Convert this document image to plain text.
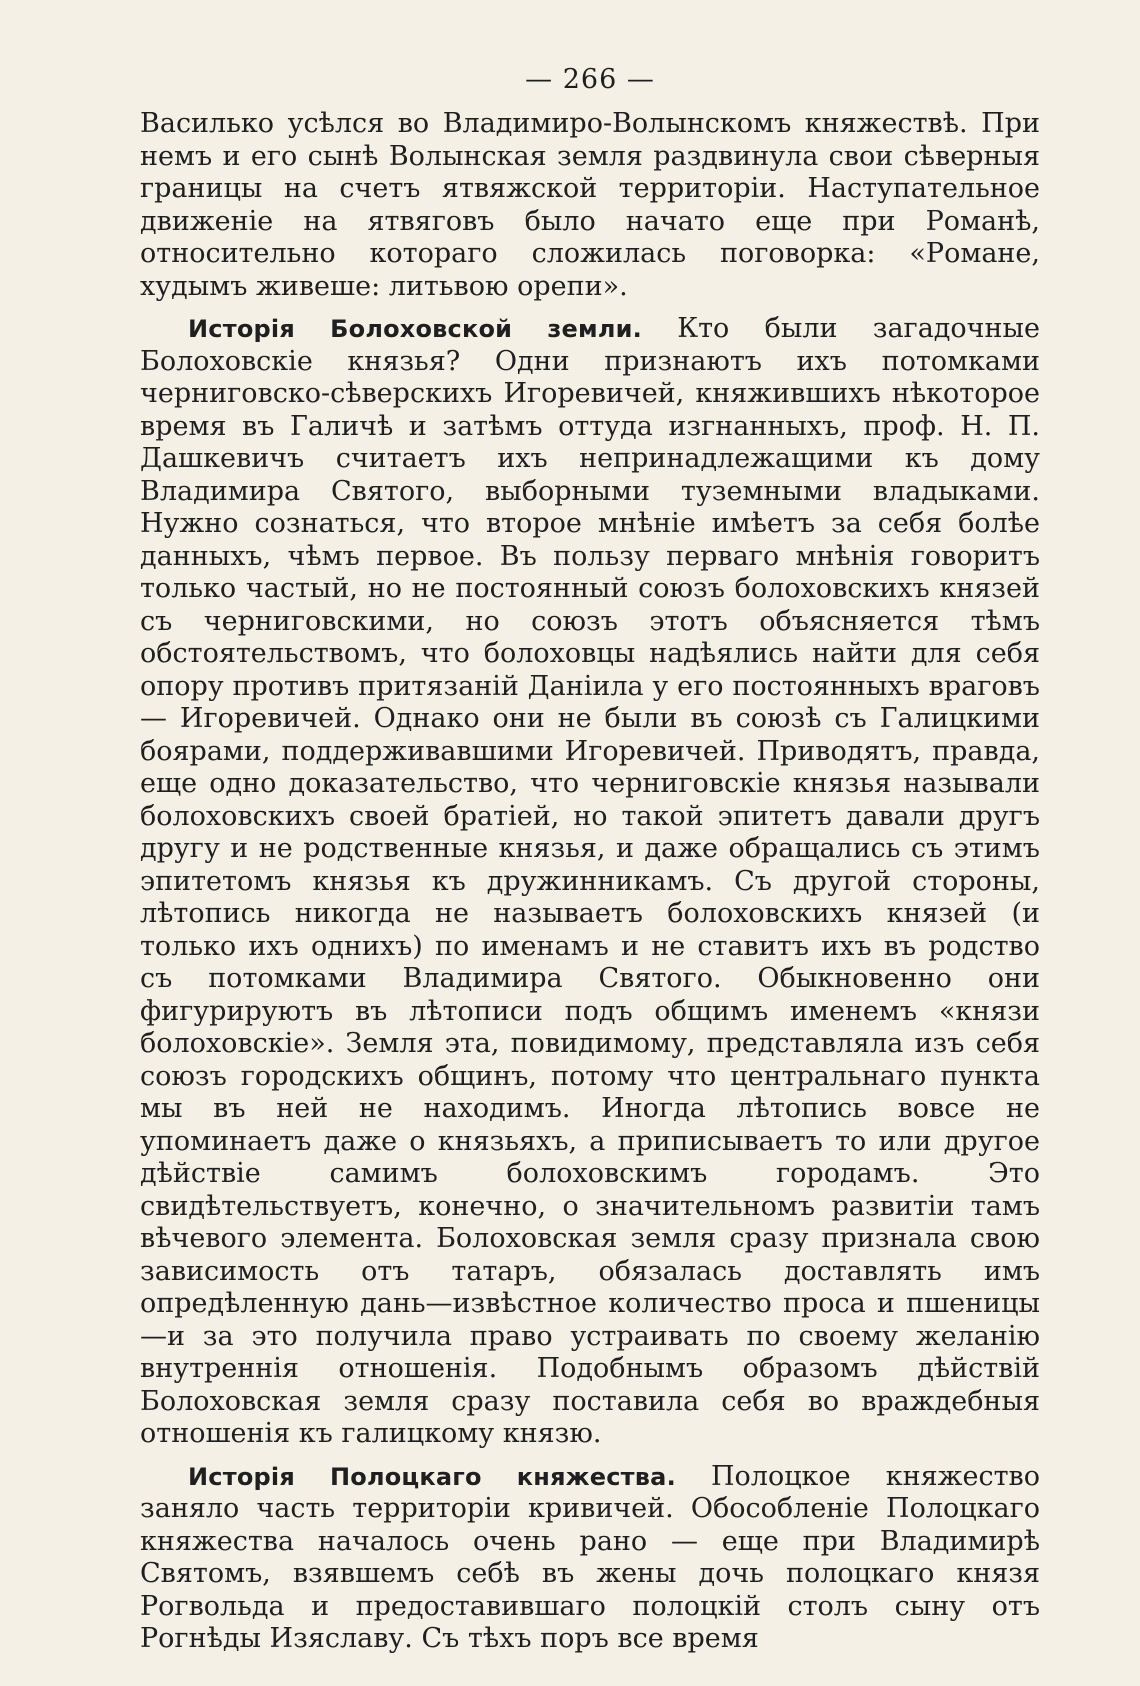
— 266 —

Василько усѣлся во Владимиро-Волынскомъ княжествѣ. При немъ и его сынѣ Волынская земля раздвинула свои сѣверныя границы на счетъ ятвяжской территоріи. Наступательное движеніе на ятвяговъ было начато еще при Романѣ, относительно котораго сложилась поговорка: «Романе, худымъ живеше: литьвою орепи».

Исторія Болоховской земли. Кто были загадочные Болоховскіе князья? Одни признаютъ ихъ потомками черниговско-сѣверскихъ Игоревичей, княжившихъ нѣкоторое время въ Галичѣ и затѣмъ оттуда изгнанныхъ, проф. Н. П. Дашкевичъ считаетъ ихъ непринадлежащими къ дому Владимира Святого, выборными туземными владыками. Нужно сознаться, что второе мнѣніе имѣетъ за себя болѣе данныхъ, чѣмъ первое. Въ пользу перваго мнѣнія говоритъ только частый, но не постоянный союзъ болоховскихъ князей съ черниговскими, но союзъ этотъ объясняется тѣмъ обстоятельствомъ, что болоховцы надѣялись найти для себя опору противъ притязаній Даніила у его постоянныхъ враговъ— Игоревичей. Однако они не были въ союзѣ съ Галицкими боярами, поддерживавшими Игоревичей. Приводятъ, правда, еще одно доказательство, что черниговскіе князья называли болоховскихъ своей братіей, но такой эпитетъ давали другъ другу и не родственные князья, и даже обращались съ этимъ эпитетомъ князья къ дружинникамъ. Съ другой стороны, лѣтопись никогда не называетъ болоховскихъ князей (и только ихъ однихъ) по именамъ и не ставитъ ихъ въ родство съ потомками Владимира Святого. Обыкновенно они фигурируютъ въ лѣтописи подъ общимъ именемъ «князи болоховскіе». Земля эта, повидимому, представляла изъ себя союзъ городскихъ общинъ, потому что центральнаго пункта мы въ ней не находимъ. Иногда лѣтопись вовсе не упоминаетъ даже о князьяхъ, а приписываетъ то или другое дѣйствіе самимъ болоховскимъ городамъ. Это свидѣтельствуетъ, конечно, о значительномъ развитіи тамъ вѣчевого элемента. Болоховская земля сразу признала свою зависимость отъ татаръ, обязалась доставлять имъ опредѣленную дань—извѣстное количество проса и пшеницы—и за это получила право устраивать по своему желанію внутреннія отношенія. Подобнымъ образомъ дѣйствій Болоховская земля сразу поставила себя во враждебныя отношенія къ галицкому князю.

Исторія Полоцкаго княжества. Полоцкое княжество заняло часть территоріи кривичей. Обособленіе Полоцкаго княжества началось очень рано — еще при Владимирѣ Святомъ, взявшемъ себѣ въ жены дочь полоцкаго князя Рогвольда и предоставившаго полоцкій столъ сыну отъ Рогнѣды Изяславу. Съ тѣхъ поръ все время
